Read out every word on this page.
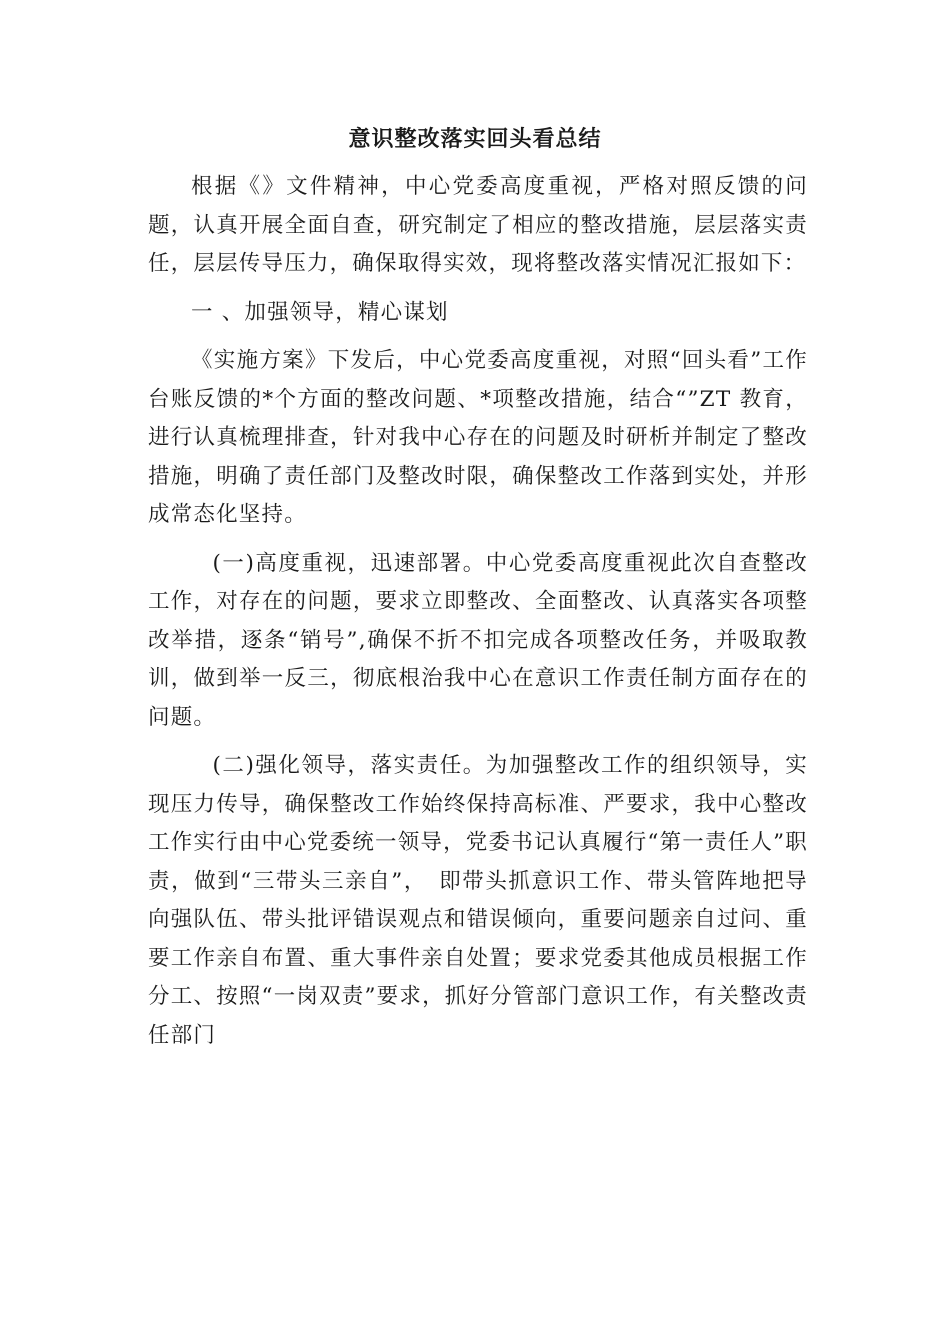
意识整改落实回头看总结

根据《》文件精神，中心党委高度重视，严格对照反馈的问题，认真开展全面自查，研究制定了相应的整改措施，层层落实责任，层层传导压力，确保取得实效，现将整改落实情况汇报如下：

一 、加强领导，精心谋划

《实施方案》下发后，中心党委高度重视，对照“回头看”工作台账反馈的*个方面的整改问题、*项整改措施，结合“”ZT 教育，进行认真梳理排查，针对我中心存在的问题及时研析并制定了整改措施，明确了责任部门及整改时限，确保整改工作落到实处，并形成常态化坚持。

(一)高度重视，迅速部署。中心党委高度重视此次自查整改工作，对存在的问题，要求立即整改、全面整改、认真落实各项整改举措，逐条“销号”,确保不折不扣完成各项整改任务，并吸取教训，做到举一反三，彻底根治我中心在意识工作责任制方面存在的问题。

(二)强化领导，落实责任。为加强整改工作的组织领导，实现压力传导，确保整改工作始终保持高标准、严要求，我中心整改工作实行由中心党委统一领导，党委书记认真履行“第一责任人”职责，做到“三带头三亲自”，　即带头抓意识工作、带头管阵地把导向强队伍、带头批评错误观点和错误倾向，重要问题亲自过问、重要工作亲自布置、重大事件亲自处置；要求党委其他成员根据工作分工、按照“一岗双责”要求，抓好分管部门意识工作，有关整改责任部门
